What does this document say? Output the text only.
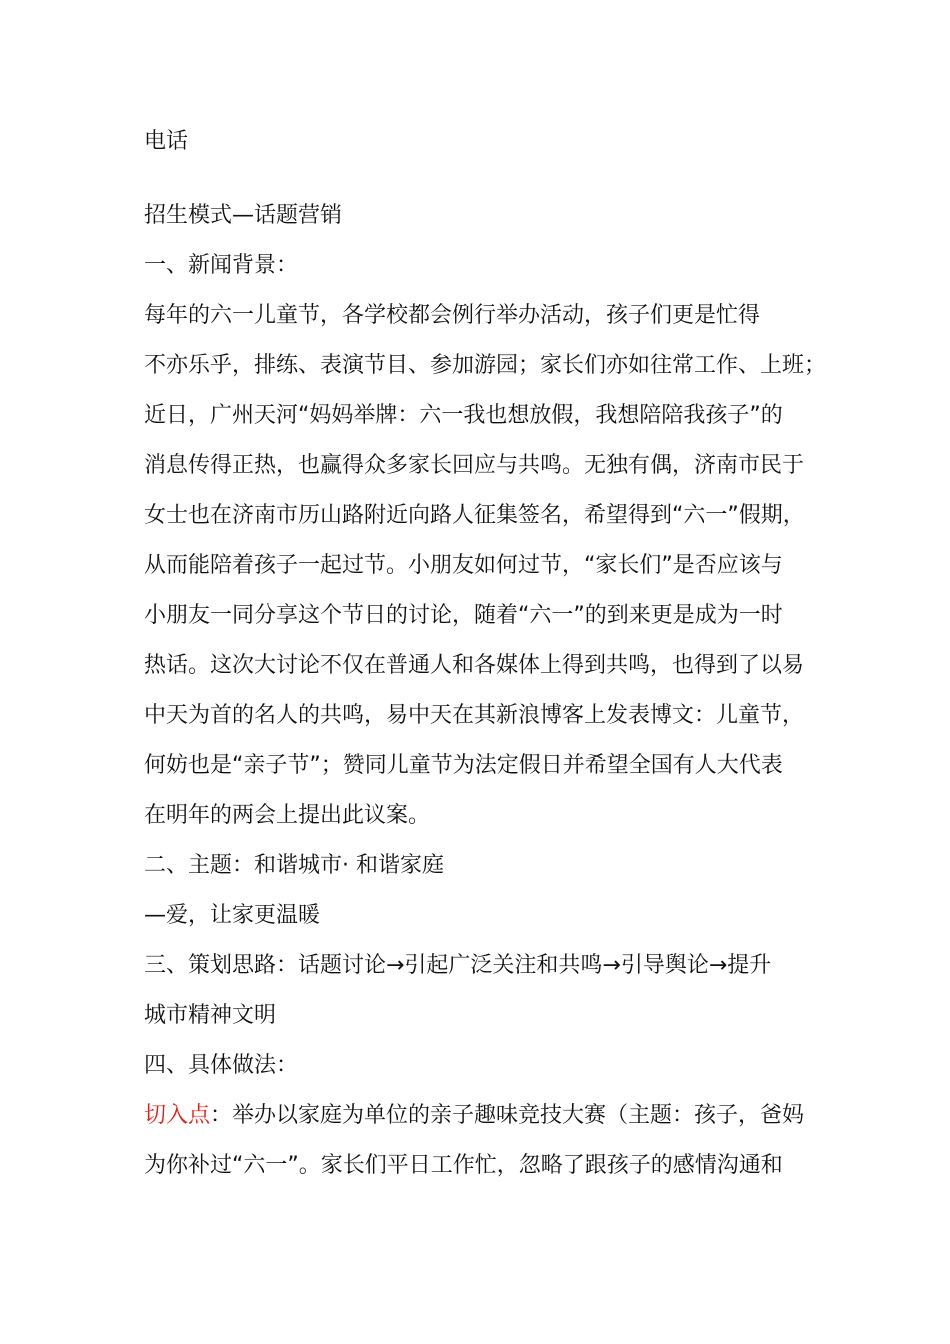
电话
招生模式—话题营销
一、新闻背景：
每年的六一儿童节，各学校都会例行举办活动，孩子们更是忙得
不亦乐乎，排练、表演节目、参加游园；家长们亦如往常工作、上班；
近日，广州天河“妈妈举牌：六一我也想放假，我想陪陪我孩子”的
消息传得正热，也赢得众多家长回应与共鸣。无独有偶，济南市民于
女士也在济南市历山路附近向路人征集签名，希望得到“六一”假期，
从而能陪着孩子一起过节。小朋友如何过节，“家长们”是否应该与
小朋友一同分享这个节日的讨论，随着“六一”的到来更是成为一时
热话。这次大讨论不仅在普通人和各媒体上得到共鸣，也得到了以易
中天为首的名人的共鸣，易中天在其新浪博客上发表博文：儿童节，
何妨也是“亲子节”；赞同儿童节为法定假日并希望全国有人大代表
在明年的两会上提出此议案。
二、主题：和谐城市· 和谐家庭
—爱，让家更温暖
三、策划思路：话题讨论→引起广泛关注和共鸣→引导舆论→提升
城市精神文明
四、具体做法：
切入点：举办以家庭为单位的亲子趣味竞技大赛（主题：孩子，爸妈
为你补过“六一”。家长们平日工作忙，忽略了跟孩子的感情沟通和
